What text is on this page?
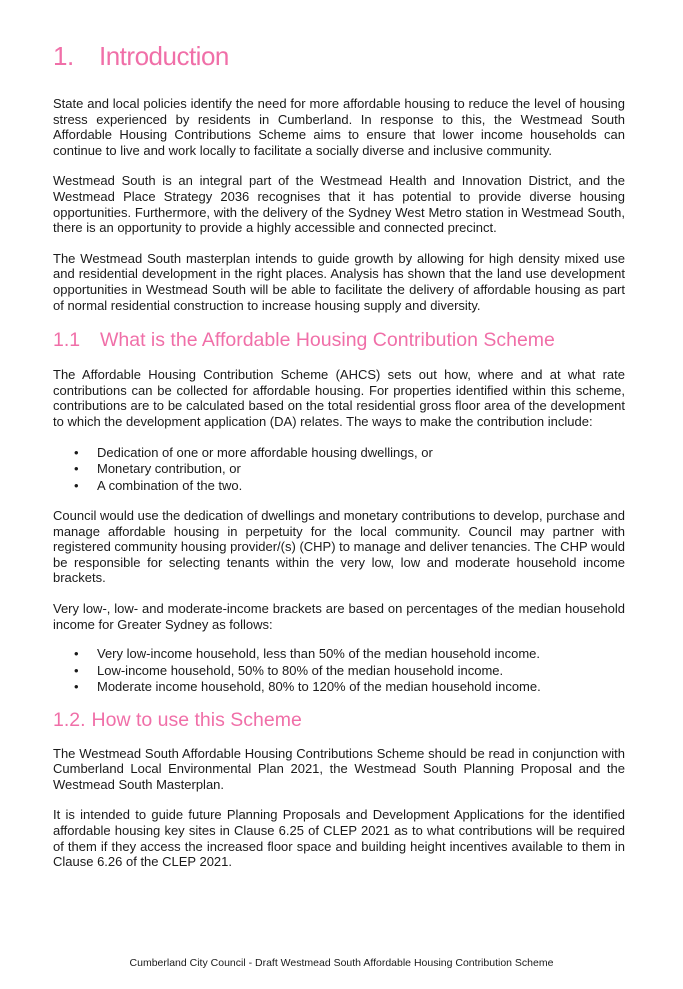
1. Introduction

State and local policies identify the need for more affordable housing to reduce the level of housing stress experienced by residents in Cumberland. In response to this, the Westmead South Affordable Housing Contributions Scheme aims to ensure that lower income households can continue to live and work locally to facilitate a socially diverse and inclusive community.

Westmead South is an integral part of the Westmead Health and Innovation District, and the Westmead Place Strategy 2036 recognises that it has potential to provide diverse housing opportunities. Furthermore, with the delivery of the Sydney West Metro station in Westmead South, there is an opportunity to provide a highly accessible and connected precinct.

The Westmead South masterplan intends to guide growth by allowing for high density mixed use and residential development in the right places. Analysis has shown that the land use development opportunities in Westmead South will be able to facilitate the delivery of affordable housing as part of normal residential construction to increase housing supply and diversity.

1.1 What is the Affordable Housing Contribution Scheme

The Affordable Housing Contribution Scheme (AHCS) sets out how, where and at what rate contributions can be collected for affordable housing. For properties identified within this scheme, contributions are to be calculated based on the total residential gross floor area of the development to which the development application (DA) relates. The ways to make the contribution include:

• Dedication of one or more affordable housing dwellings, or
• Monetary contribution, or
• A combination of the two.

Council would use the dedication of dwellings and monetary contributions to develop, purchase and manage affordable housing in perpetuity for the local community. Council may partner with registered community housing provider/(s) (CHP) to manage and deliver tenancies. The CHP would be responsible for selecting tenants within the very low, low and moderate household income brackets.

Very low-, low- and moderate-income brackets are based on percentages of the median household income for Greater Sydney as follows:

• Very low-income household, less than 50% of the median household income.
• Low-income household, 50% to 80% of the median household income.
• Moderate income household, 80% to 120% of the median household income.
1.2. How to use this Scheme

The Westmead South Affordable Housing Contributions Scheme should be read in conjunction with Cumberland Local Environmental Plan 2021, the Westmead South Planning Proposal and the Westmead South Masterplan.

It is intended to guide future Planning Proposals and Development Applications for the identified affordable housing key sites in Clause 6.25 of CLEP 2021 as to what contributions will be required of them if they access the increased floor space and building height incentives available to them in Clause 6.26 of the CLEP 2021.

Cumberland City Council - Draft Westmead South Affordable Housing Contribution Scheme
